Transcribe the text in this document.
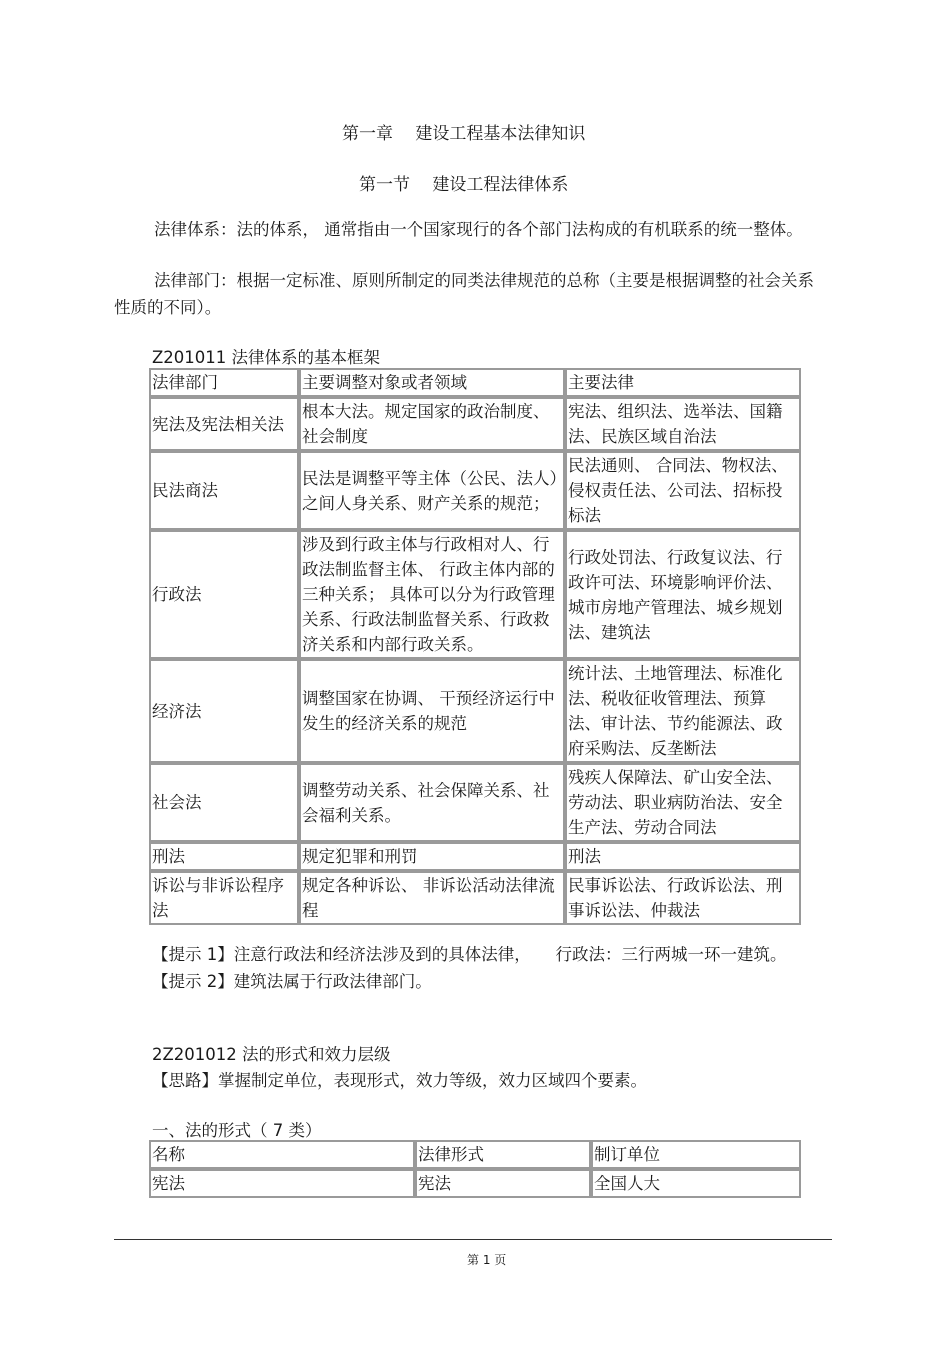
第一章　 建设工程基本法律知识
第一节　 建设工程法律体系
法律体系：法的体系， 通常指由一个国家现行的各个部门法构成的有机联系的统一整体。
法律部门：根据一定标准、原则所制定的同类法律规范的总称（主要是根据调整的社会关系性质的不同）。
Z201011 法律体系的基本框架
法律部门	主要调整对象或者领域	主要法律
宪法及宪法相关法	根本大法。规定国家的政治制度、社会制度	宪法、组织法、选举法、国籍法、民族区域自治法
民法商法	民法是调整平等主体（公民、法人）之间人身关系、财产关系的规范；	民法通则、 合同法、物权法、侵权责任法、公司法、招标投标法
行政法	涉及到行政主体与行政相对人、行政法制监督主体、 行政主体内部的三种关系； 具体可以分为行政管理关系、行政法制监督关系、行政救济关系和内部行政关系。	行政处罚法、行政复议法、行政许可法、环境影响评价法、城市房地产管理法、城乡规划法、建筑法
经济法	调整国家在协调、 干预经济运行中发生的经济关系的规范	统计法、土地管理法、标准化法、税收征收管理法、预算法、审计法、节约能源法、政府采购法、反垄断法
社会法	调整劳动关系、社会保障关系、社会福利关系。	残疾人保障法、矿山安全法、劳动法、职业病防治法、安全生产法、劳动合同法
刑法	规定犯罪和刑罚	刑法
诉讼与非诉讼程序法	规定各种诉讼、 非诉讼活动法律流程	民事诉讼法、行政诉讼法、刑事诉讼法、仲裁法
【提示 1】注意行政法和经济法涉及到的具体法律，　　行政法：三行两城一环一建筑。
【提示 2】建筑法属于行政法律部门。
2Z201012 法的形式和效力层级
【思路】掌握制定单位，表现形式，效力等级，效力区域四个要素。
一、法的形式（ 7 类）
名称	法律形式	制订单位
宪法	宪法	全国人大
第 1 页
